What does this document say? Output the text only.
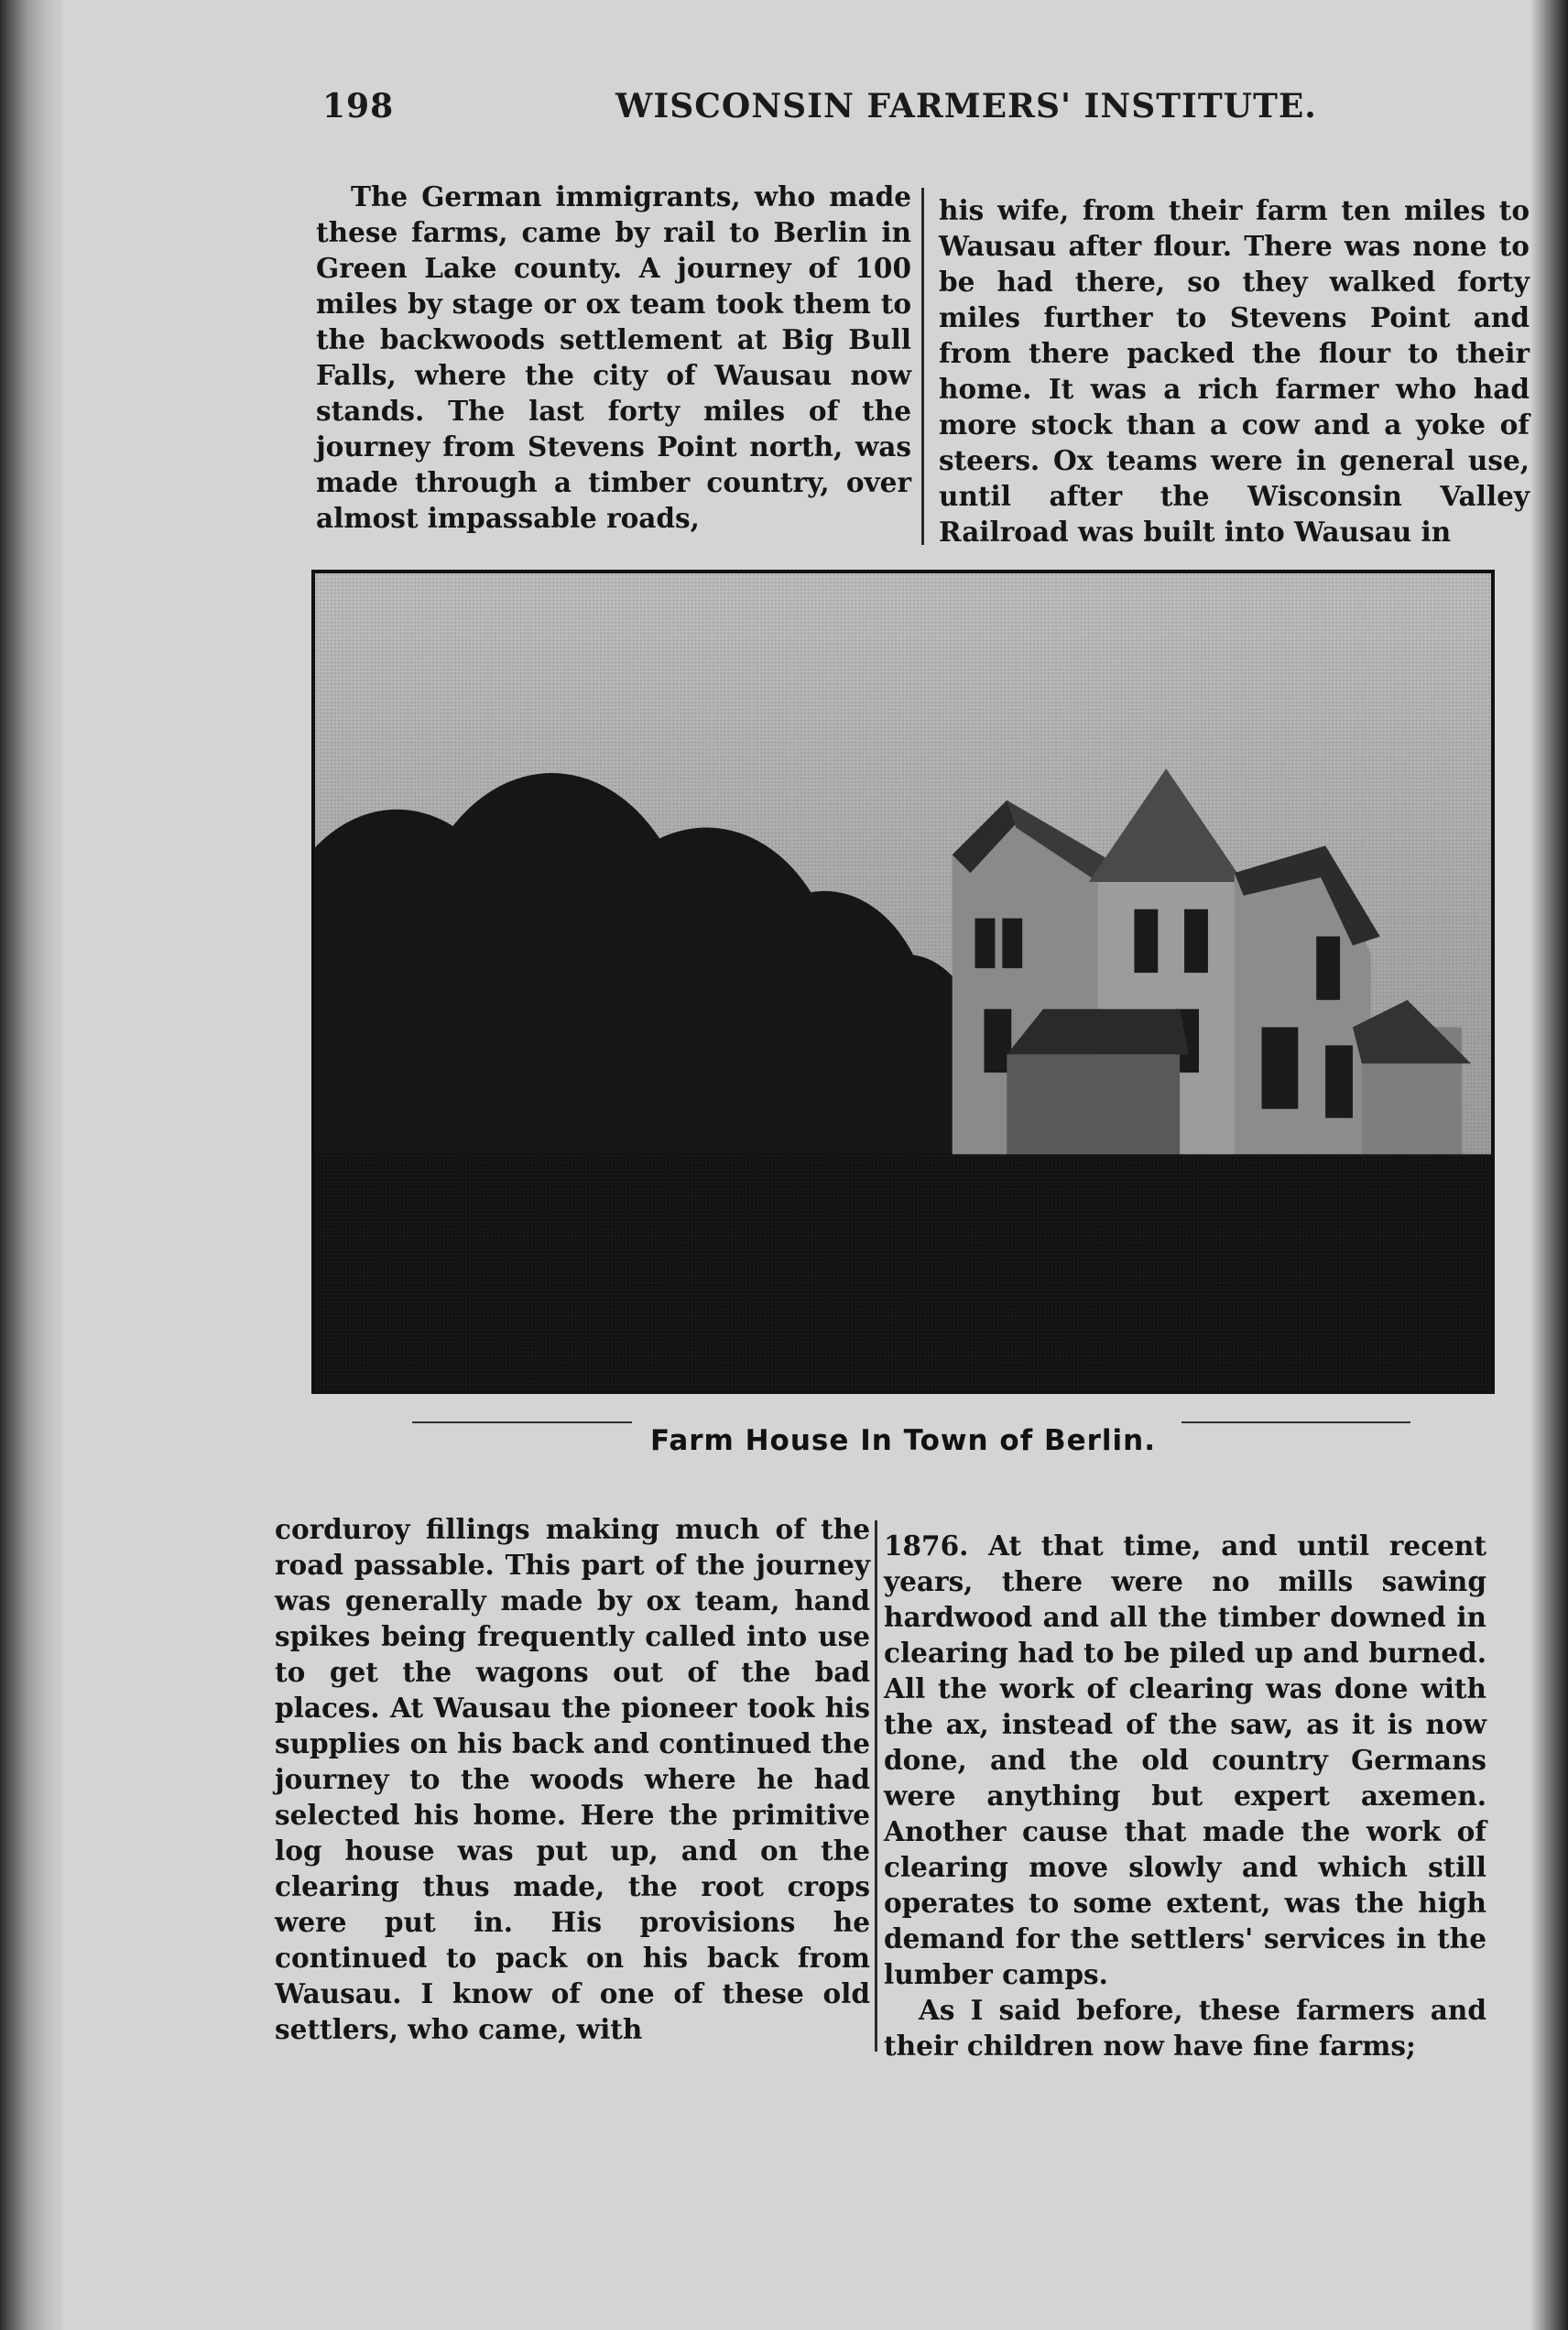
198	WISCONSIN FARMERS' INSTITUTE.

The German immigrants, who made these farms, came by rail to Berlin in Green Lake county. A journey of 100 miles by stage or ox team took them to the backwoods settlement at Big Bull Falls, where the city of Wausau now stands. The last forty miles of the journey from Stevens Point north, was made through a timber country, over almost impassable roads,

his wife, from their farm ten miles to Wausau after flour. There was none to be had there, so they walked forty miles further to Stevens Point and from there packed the flour to their home. It was a rich farmer who had more stock than a cow and a yoke of steers. Ox teams were in general use, until after the Wisconsin Valley Railroad was built into Wausau in

Farm House In Town of Berlin.

corduroy fillings making much of the road passable. This part of the journey was generally made by ox team, hand spikes being frequently called into use to get the wagons out of the bad places. At Wausau the pioneer took his supplies on his back and continued the journey to the woods where he had selected his home. Here the primitive log house was put up, and on the clearing thus made, the root crops were put in. His provisions he continued to pack on his back from Wausau. I know of one of these old settlers, who came, with

1876. At that time, and until recent years, there were no mills sawing hardwood and all the timber downed in clearing had to be piled up and burned. All the work of clearing was done with the ax, instead of the saw, as it is now done, and the old country Germans were anything but expert axemen. Another cause that made the work of clearing move slowly and which still operates to some extent, was the high demand for the settlers' services in the lumber camps.

As I said before, these farmers and their children now have fine farms;
